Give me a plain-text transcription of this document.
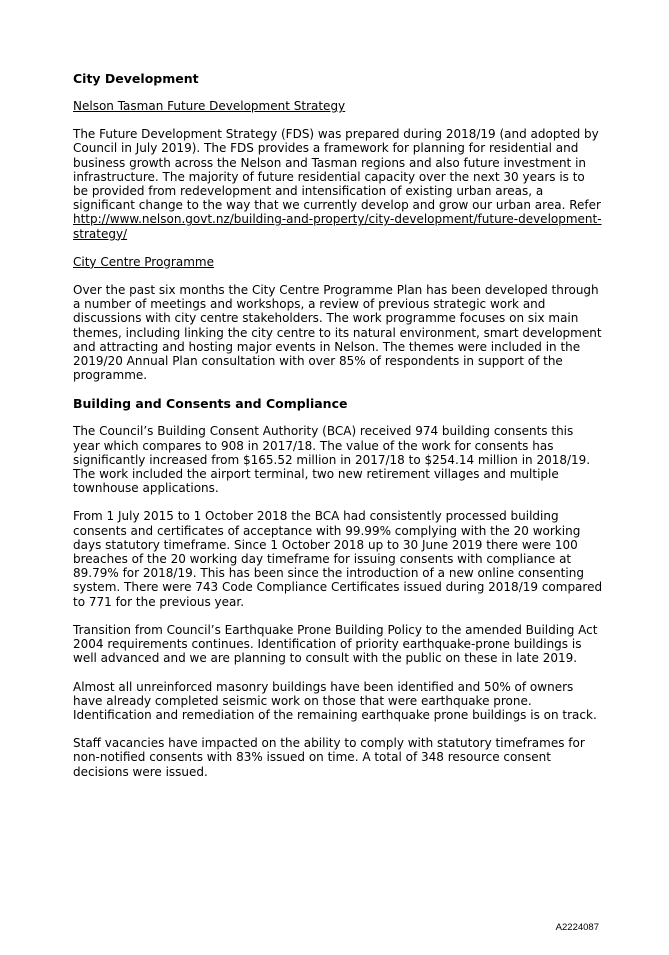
City Development
Nelson Tasman Future Development Strategy

The Future Development Strategy (FDS) was prepared during 2018/19 (and adopted by Council in July 2019). The FDS provides a framework for planning for residential and business growth across the Nelson and Tasman regions and also future investment in infrastructure. The majority of future residential capacity over the next 30 years is to be provided from redevelopment and intensification of existing urban areas, a significant change to the way that we currently develop and grow our urban area. Refer
http://www.nelson.govt.nz/building-and-property/city-development/future-development-strategy/

City Centre Programme

Over the past six months the City Centre Programme Plan has been developed through a number of meetings and workshops, a review of previous strategic work and discussions with city centre stakeholders. The work programme focuses on six main themes, including linking the city centre to its natural environment, smart development and attracting and hosting major events in Nelson. The themes were included in the 2019/20 Annual Plan consultation with over 85% of respondents in support of the programme.

Building and Consents and Compliance

The Council’s Building Consent Authority (BCA) received 974 building consents this year which compares to 908 in 2017/18. The value of the work for consents has significantly increased from $165.52 million in 2017/18 to $254.14 million in 2018/19. The work included the airport terminal, two new retirement villages and multiple townhouse applications.

From 1 July 2015 to 1 October 2018 the BCA had consistently processed building consents and certificates of acceptance with 99.99% complying with the 20 working days statutory timeframe. Since 1 October 2018 up to 30 June 2019 there were 100 breaches of the 20 working day timeframe for issuing consents with compliance at 89.79% for 2018/19. This has been since the introduction of a new online consenting system. There were 743 Code Compliance Certificates issued during 2018/19 compared to 771 for the previous year.

Transition from Council’s Earthquake Prone Building Policy to the amended Building Act 2004 requirements continues. Identification of priority earthquake-prone buildings is well advanced and we are planning to consult with the public on these in late 2019.

Almost all unreinforced masonry buildings have been identified and 50% of owners have already completed seismic work on those that were earthquake prone. Identification and remediation of the remaining earthquake prone buildings is on track.

Staff vacancies have impacted on the ability to comply with statutory timeframes for non-notified consents with 83% issued on time. A total of 348 resource consent decisions were issued.

A2224087
